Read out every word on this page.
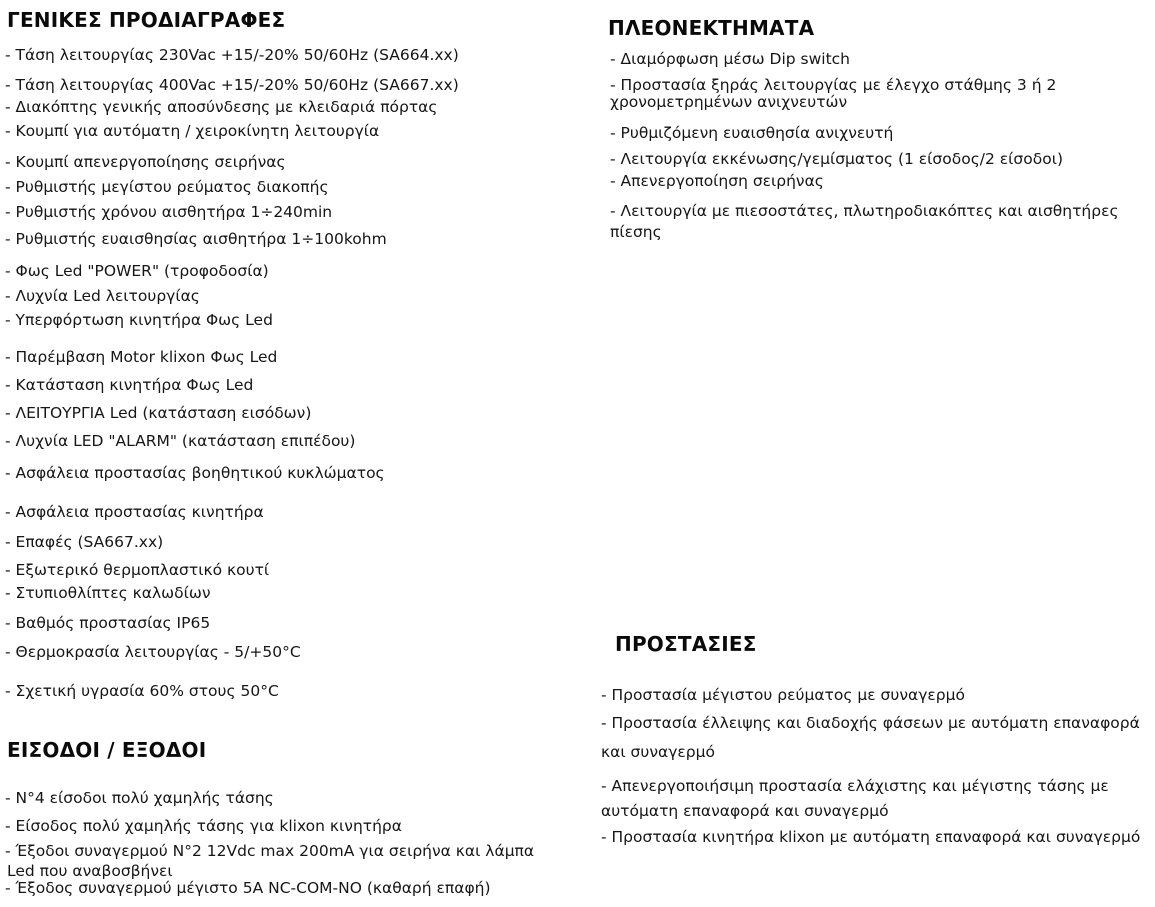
ΓΕΝΙΚΕΣ ΠΡΟΔΙΑΓΡΑΦΕΣ
- Τάση λειτουργίας 230Vac +15/-20% 50/60Hz (SA664.xx)
- Τάση λειτουργίας 400Vac +15/-20% 50/60Hz (SA667.xx)
- Διακόπτης γενικής αποσύνδεσης με κλειδαριά πόρτας
- Κουμπί για αυτόματη / χειροκίνητη λειτουργία
- Κουμπί απενεργοποίησης σειρήνας
- Ρυθμιστής μεγίστου ρεύματος διακοπής
- Ρυθμιστής χρόνου αισθητήρα 1÷240min
- Ρυθμιστής ευαισθησίας αισθητήρα 1÷100kohm
- Φως Led "POWER" (τροφοδοσία)
- Λυχνία Led λειτουργίας
- Υπερφόρτωση κινητήρα Φως Led
- Παρέμβαση Motor klixon Φως Led
- Κατάσταση κινητήρα Φως Led
- ΛΕΙΤΟΥΡΓΙΑ Led (κατάσταση εισόδων)
- Λυχνία LED "ALARM" (κατάσταση επιπέδου)
- Ασφάλεια προστασίας βοηθητικού κυκλώματος
- Ασφάλεια προστασίας κινητήρα
- Επαφές (SA667.xx)
- Εξωτερικό θερμοπλαστικό κουτί
- Στυπιοθλίπτες καλωδίων
- Βαθμός προστασίας IP65
- Θερμοκρασία λειτουργίας - 5/+50°C
- Σχετική υγρασία 60% στους 50°C
ΕΙΣΟΔΟΙ / ΕΞΟΔΟΙ
- N°4 είσοδοι πολύ χαμηλής τάσης
- Είσοδος πολύ χαμηλής τάσης για klixon κινητήρα
- Έξοδοι συναγερμού N°2 12Vdc max 200mA για σειρήνα και λάμπα
Led που αναβοσβήνει
- Έξοδος συναγερμού μέγιστο 5A NC-COM-NO (καθαρή επαφή)
ΠΛΕΟΝΕΚΤΗΜΑΤΑ
- Διαμόρφωση μέσω Dip switch
- Προστασία ξηράς λειτουργίας με έλεγχο στάθμης 3 ή 2
χρονομετρημένων ανιχνευτών
- Ρυθμιζόμενη ευαισθησία ανιχνευτή
- Λειτουργία εκκένωσης/γεμίσματος (1 είσοδος/2 είσοδοι)
- Απενεργοποίηση σειρήνας
- Λειτουργία με πιεσοστάτες, πλωτηροδιακόπτες και αισθητήρες
πίεσης
ΠΡΟΣΤΑΣΙΕΣ
- Προστασία μέγιστου ρεύματος με συναγερμό
- Προστασία έλλειψης και διαδοχής φάσεων με αυτόματη επαναφορά
και συναγερμό
- Απενεργοποιήσιμη προστασία ελάχιστης και μέγιστης τάσης με
αυτόματη επαναφορά και συναγερμό
- Προστασία κινητήρα klixon με αυτόματη επαναφορά και συναγερμό
